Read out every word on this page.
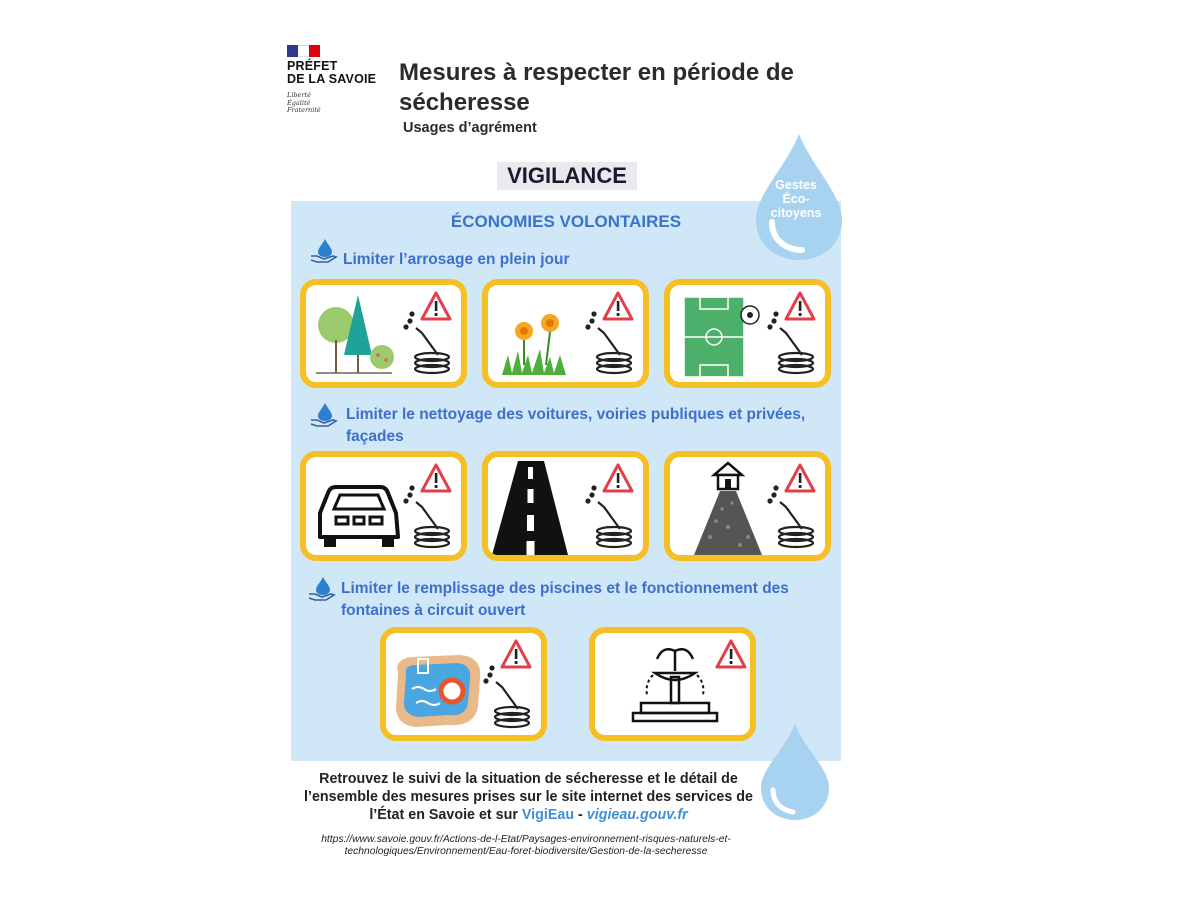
PRÉFET
DE LA SAVOIE
Liberté
Égalité
Fraternité
Mesures à respecter en période de sécheresse
Usages d’agrément
VIGILANCE
ÉCONOMIES VOLONTAIRES
Gestes
Éco-
citoyens
Limiter l’arrosage en plein jour
Limiter le nettoyage des voitures, voiries publiques et privées, façades
Limiter le remplissage des piscines et le fonctionnement des fontaines à circuit ouvert
Retrouvez le suivi de la situation de sécheresse et le détail de l’ensemble des mesures prises sur le site internet des services de l’État en Savoie et sur VigiEau - vigieau.gouv.fr
https://www.savoie.gouv.fr/Actions-de-l-Etat/Paysages-environnement-risques-naturels-et-technologiques/Environnement/Eau-foret-biodiversite/Gestion-de-la-secheresse
